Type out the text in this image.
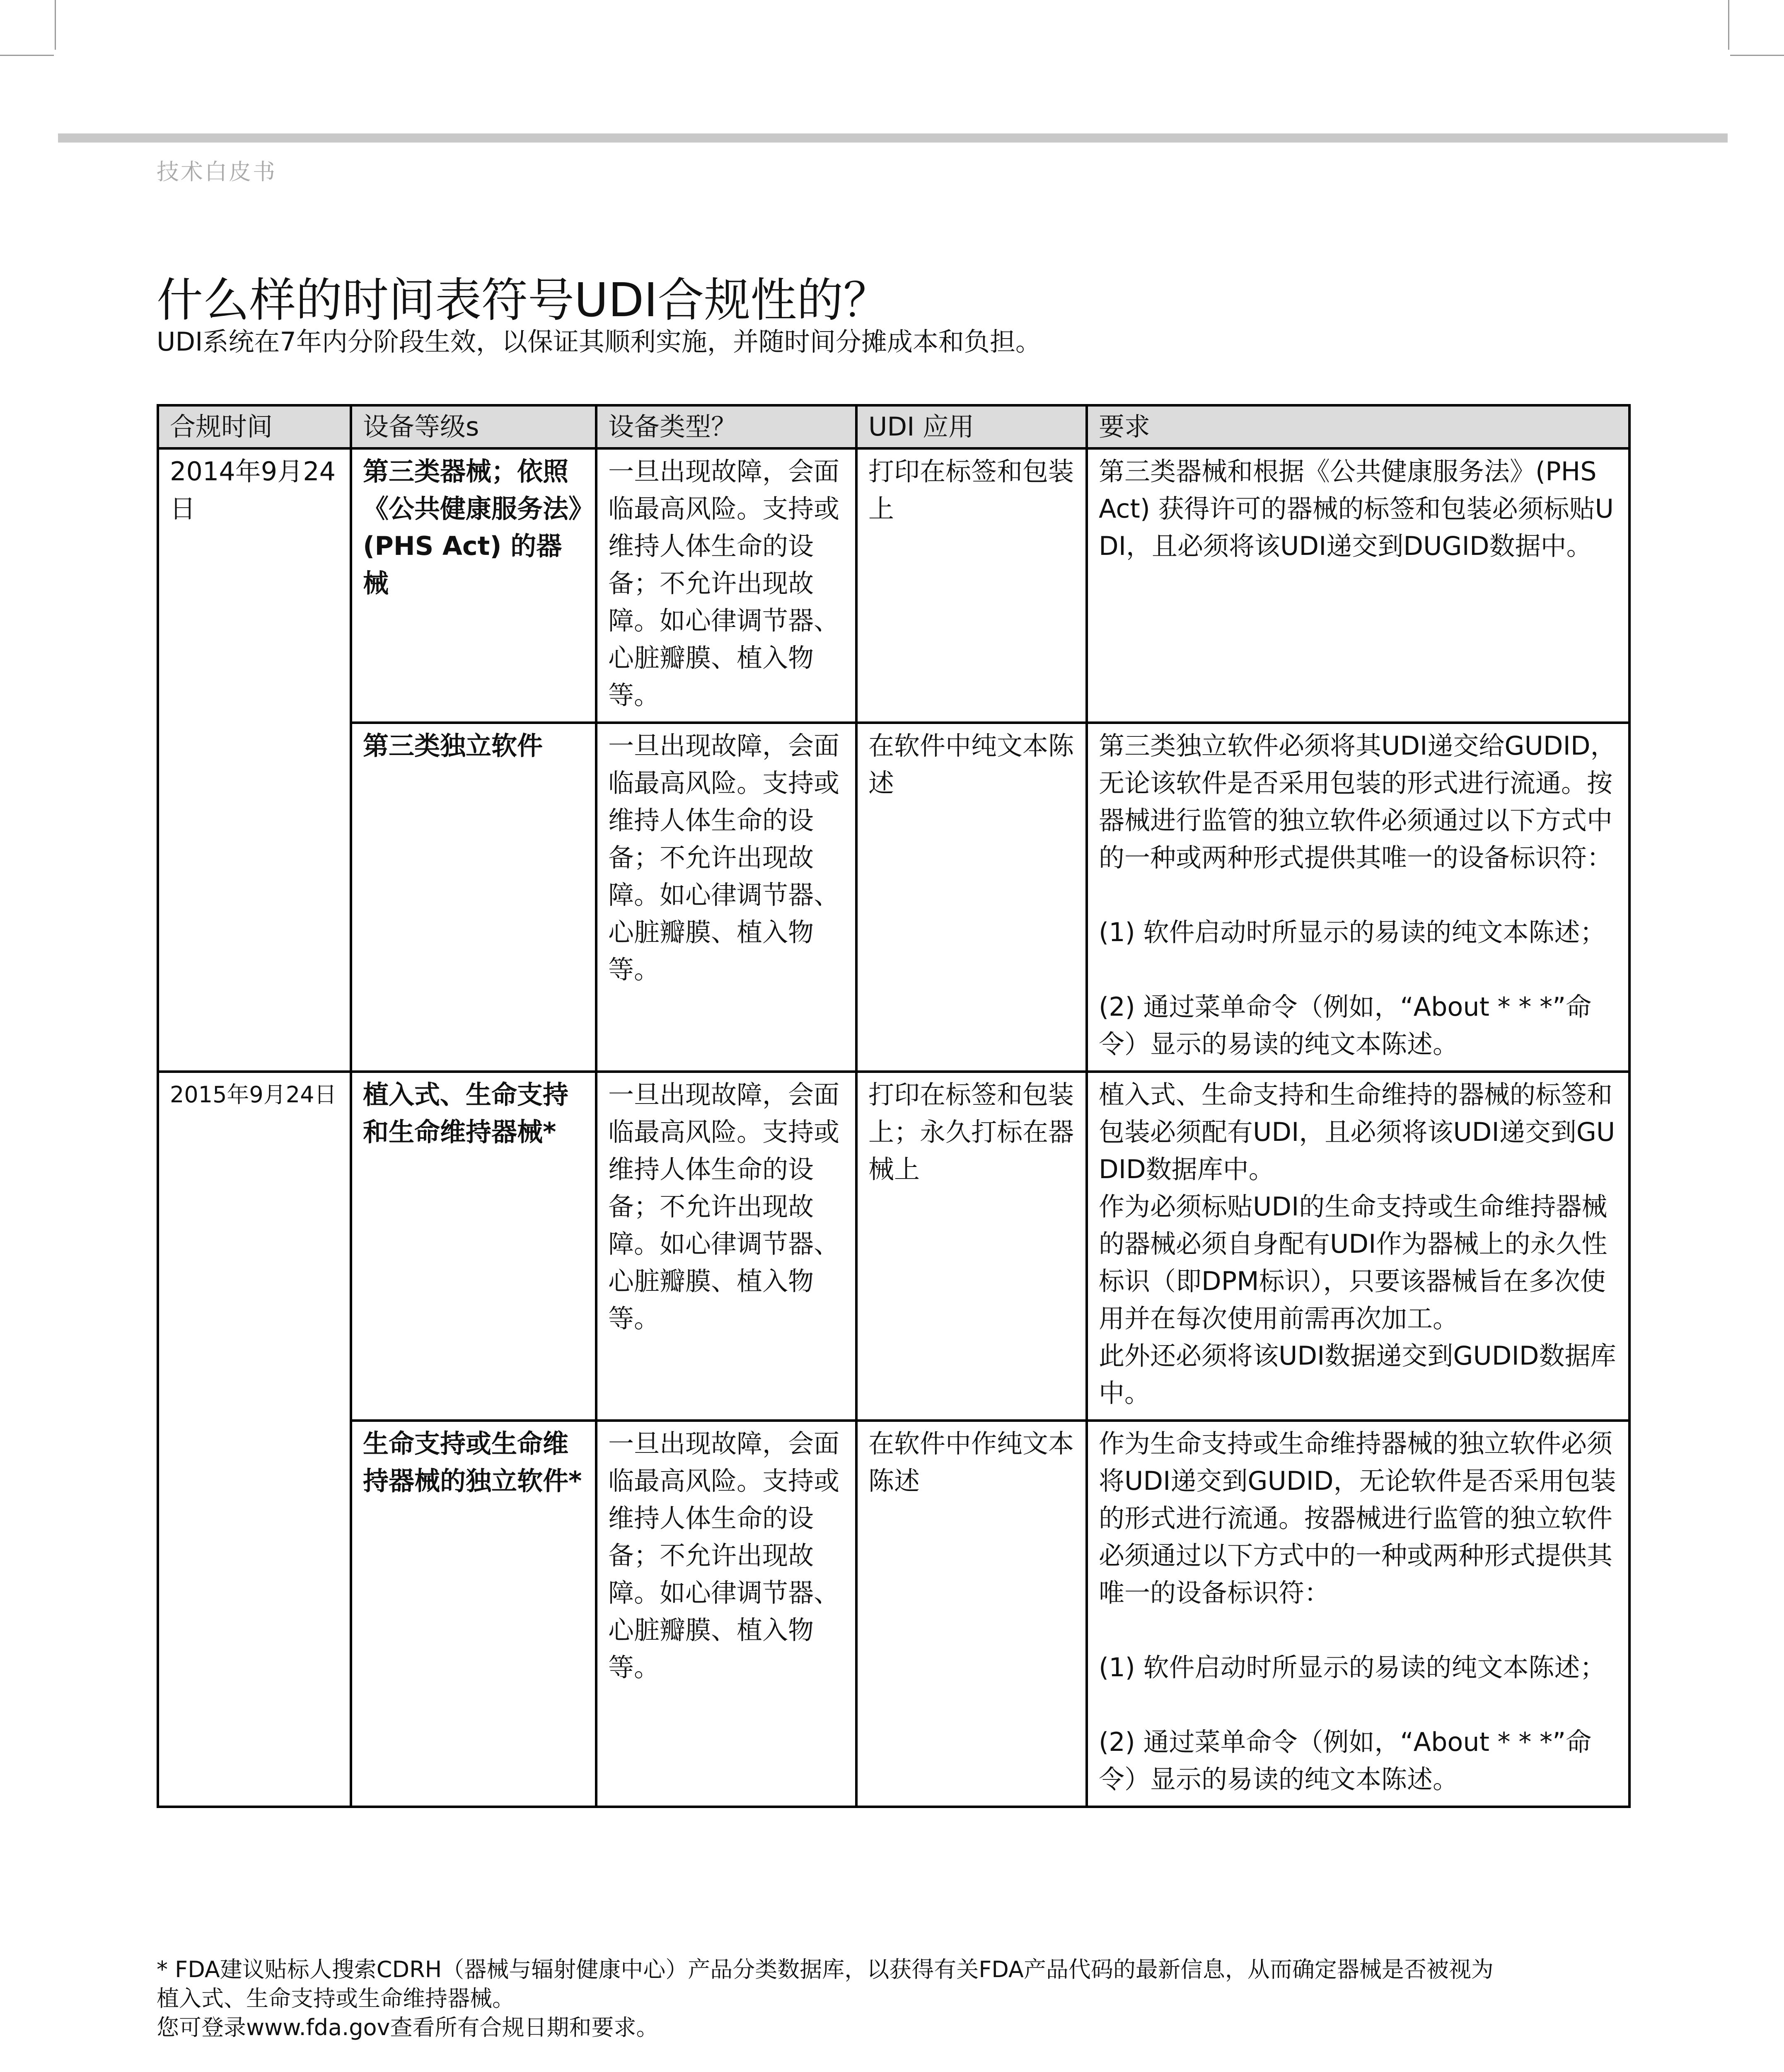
技术白皮书
什么样的时间表符号UDI合规性的？
UDI系统在7年内分阶段生效，以保证其顺利实施，并随时间分摊成本和负担。
合规时间	设备等级s	设备类型？	UDI 应用	要求
2014年9月24日	第三类器械；依照《公共健康服务法》(PHS Act) 的器械	一旦出现故障，会面临最高风险。支持或维持人体生命的设备；不允许出现故障。如心律调节器、心脏瓣膜、植入物等。	打印在标签和包装上	第三类器械和根据《公共健康服务法》(PHS Act) 获得许可的器械的标签和包装必须标贴UDI，且必须将该UDI递交到DUGID数据中。

	第三类独立软件	一旦出现故障，会面临最高风险。支持或维持人体生命的设备；不允许出现故障。如心律调节器、心脏瓣膜、植入物等。	在软件中纯文本陈述	第三类独立软件必须将其UDI递交给GUDID，无论该软件是否采用包装的形式进行流通。按器械进行监管的独立软件必须通过以下方式中的一种或两种形式提供其唯一的设备标识符：
(1) 软件启动时所显示的易读的纯文本陈述；
(2) 通过菜单命令（例如，“About * * *”命令）显示的易读的纯文本陈述。

2015年9月24日	植入式、生命支持和生命维持器械*	一旦出现故障，会面临最高风险。支持或维持人体生命的设备；不允许出现故障。如心律调节器、心脏瓣膜、植入物等。	打印在标签和包装上；永久打标在器械上	植入式、生命支持和生命维持的器械的标签和包装必须配有UDI，且必须将该UDI递交到GUDID数据库中。
作为必须标贴UDI的生命支持或生命维持器械的器械必须自身配有UDI作为器械上的永久性标识（即DPM标识），只要该器械旨在多次使用并在每次使用前需再次加工。
此外还必须将该UDI数据递交到GUDID数据库中。

	生命支持或生命维持器械的独立软件*	一旦出现故障，会面临最高风险。支持或维持人体生命的设备；不允许出现故障。如心律调节器、心脏瓣膜、植入物等。	在软件中作纯文本陈述	作为生命支持或生命维持器械的独立软件必须将UDI递交到GUDID，无论软件是否采用包装的形式进行流通。按器械进行监管的独立软件必须通过以下方式中的一种或两种形式提供其唯一的设备标识符：
(1) 软件启动时所显示的易读的纯文本陈述；
(2) 通过菜单命令（例如，“About * * *”命令）显示的易读的纯文本陈述。
* FDA建议贴标人搜索CDRH（器械与辐射健康中心）产品分类数据库，以获得有关FDA产品代码的最新信息，从而确定器械是否被视为
植入式、生命支持或生命维持器械。
您可登录www.fda.gov查看所有合规日期和要求。
